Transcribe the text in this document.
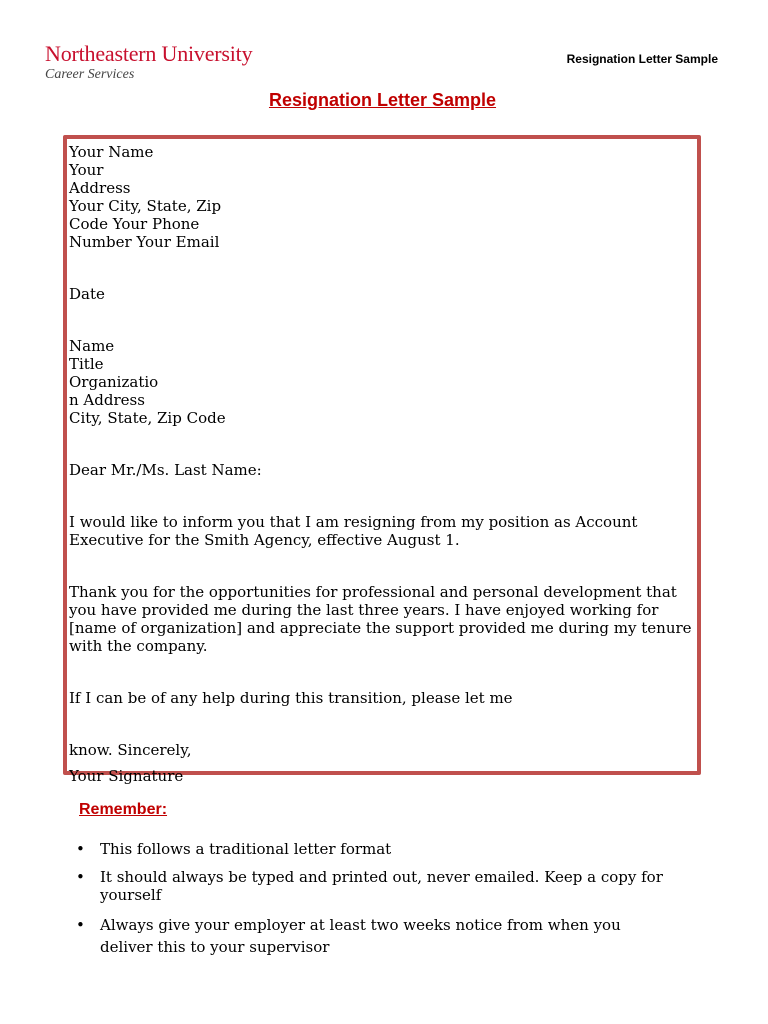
Northeastern University
Career Services
Resignation Letter Sample
Resignation Letter Sample
Your Name
Your
Address
Your City, State, Zip
Code Your Phone
Number Your Email
Date
Name
Title
Organizatio
n Address
City, State, Zip Code
Dear Mr./Ms. Last Name:
I would like to inform you that I am resigning from my position as Account
Executive for the Smith Agency, effective August 1.
Thank you for the opportunities for professional and personal development that
you have provided me during the last three years. I have enjoyed working for
[name of organization] and appreciate the support provided me during my tenure
with the company.
If I can be of any help during this transition, please let me
know. Sincerely,
Your Signature
Remember:
• This follows a traditional letter format
• It should always be typed and printed out, never emailed. Keep a copy for
yourself
• Always give your employer at least two weeks notice from when you
deliver this to your supervisor
